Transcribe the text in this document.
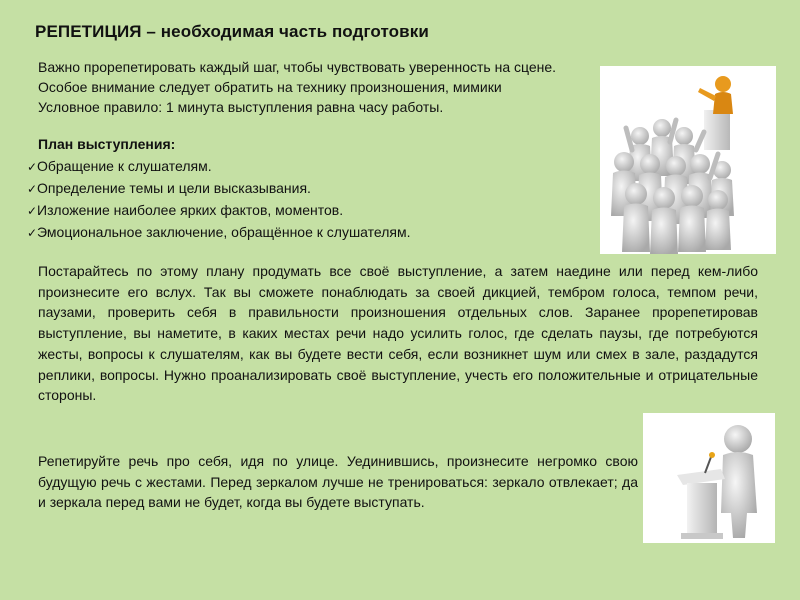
РЕПЕТИЦИЯ – необходимая часть подготовки
Важно прорепетировать каждый шаг, чтобы чувствовать уверенность на сцене.
Особое внимание следует обратить на технику произношения, мимики
Условное правило: 1 минута выступления равна часу работы.
План выступления:
✓Обращение к слушателям.
✓Определение темы и цели высказывания.
✓Изложение наиболее ярких фактов, моментов.
✓Эмоциональное заключение, обращённое к слушателям.
Постарайтесь по этому плану продумать все своё выступление, а затем наедине или перед кем-либо произнесите его вслух. Так вы сможете понаблюдать за своей дикцией, тембром голоса, темпом речи, паузами, проверить себя в правильности произношения отдельных слов. Заранее прорепетировав выступление, вы наметите, в каких местах речи надо усилить голос, где сделать паузы, где потребуются жесты, вопросы к слушателям, как вы будете вести себя, если возникнет шум или смех в зале, раздадутся реплики, вопросы. Нужно проанализировать своё выступление, учесть его положительные и отрицательные стороны.
Репетируйте речь про себя, идя по улице. Уединившись, произнесите негромко свою будущую речь с жестами. Перед зеркалом лучше не тренироваться: зеркало отвлекает; да и зеркала перед вами не будет, когда вы будете выступать.
